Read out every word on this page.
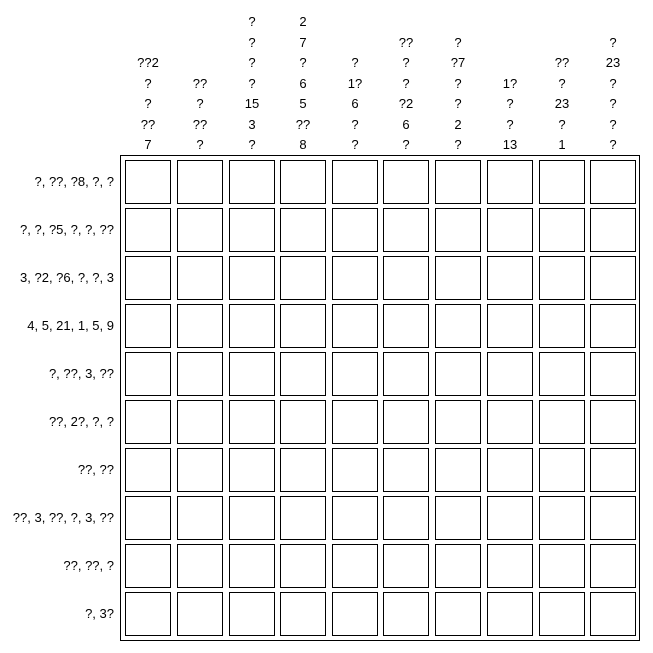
??2
?
?
??
7
??
?
??
?
?
?
?
?
15
3
?
2
7
?
6
5
??
8
?
1?
6
?
?
??
?
?
?2
6
?
?
?7
?
?
2
?
1?
?
?
13
??
?
23
?
1
?
23
?
?
?
?
?, ??, ?8, ?, ?
?, ?, ?5, ?, ?, ??
3, ?2, ?6, ?, ?, 3
4, 5, 21, 1, 5, 9
?, ??, 3, ??
??, 2?, ?, ?
??, ??
??, 3, ??, ?, 3, ??
??, ??, ?
?, 3?
